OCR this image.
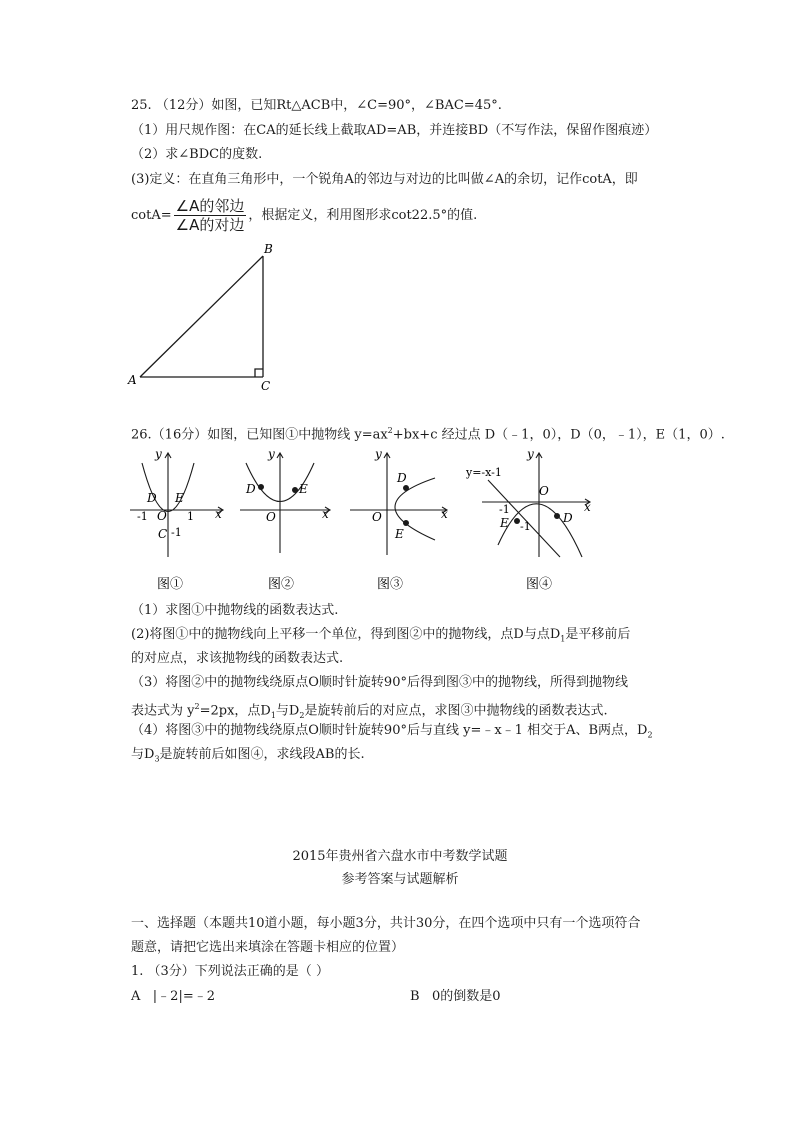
25. （12分）如图，已知Rt△ACB中，∠C=90°，∠BAC=45°.
（1）用尺规作图：在CA的延长线上截取AD=AB，并连接BD（不写作法，保留作图痕迹）
（2）求∠BDC的度数.
(3)定义：在直角三角形中，一个锐角A的邻边与对边的比叫做∠A的余切，记作cotA，即
$\cot A= \frac{\text{∠A的邻边}}{\text{∠A的对边}}$ ，根据定义，利用图形求cot22.5°的值.
A
B
C
26.（16分）如图，已知图①中抛物线 $y=ax^2+bx+c$ 经过点 D（﹣1，0），D（0，﹣1），E（1，0）.
y
x
D E
-1 O 1
C -1
图①
y
x
D	E
O
图②
y
x
D
E
O
图③
y=-x-1
y
x
O
-1
E -1
D
图④
（1）求图①中抛物线的函数表达式.
(2)将图①中的抛物线向上平移一个单位，得到图②中的抛物线，点D与点$D_1$是平移前后
的对应点，求该抛物线的函数表达式.
（3）将图②中的抛物线绕原点O顺时针旋转90°后得到图③中的抛物线，所得到抛物线
表达式为 $y^2=2px$，点$D_1$与$D_2$是旋转前后的对应点，求图③中抛物线的函数表达式.
（4）将图③中的抛物线绕原点O顺时针旋转90°后与直线 y=﹣x﹣1 相交于A、B两点，$D_2$
与$D_3$是旋转前后如图④，求线段AB的长.
2015年贵州省六盘水市中考数学试题
参考答案与试题解析
一、选择题（本题共10道小题，每小题3分，共计30分，在四个选项中只有一个选项符合
题意，请把它选出来填涂在答题卡相应的位置）
1. （3分）下列说法正确的是（ ）
A |﹣2|=﹣2	B 0的倒数是0
